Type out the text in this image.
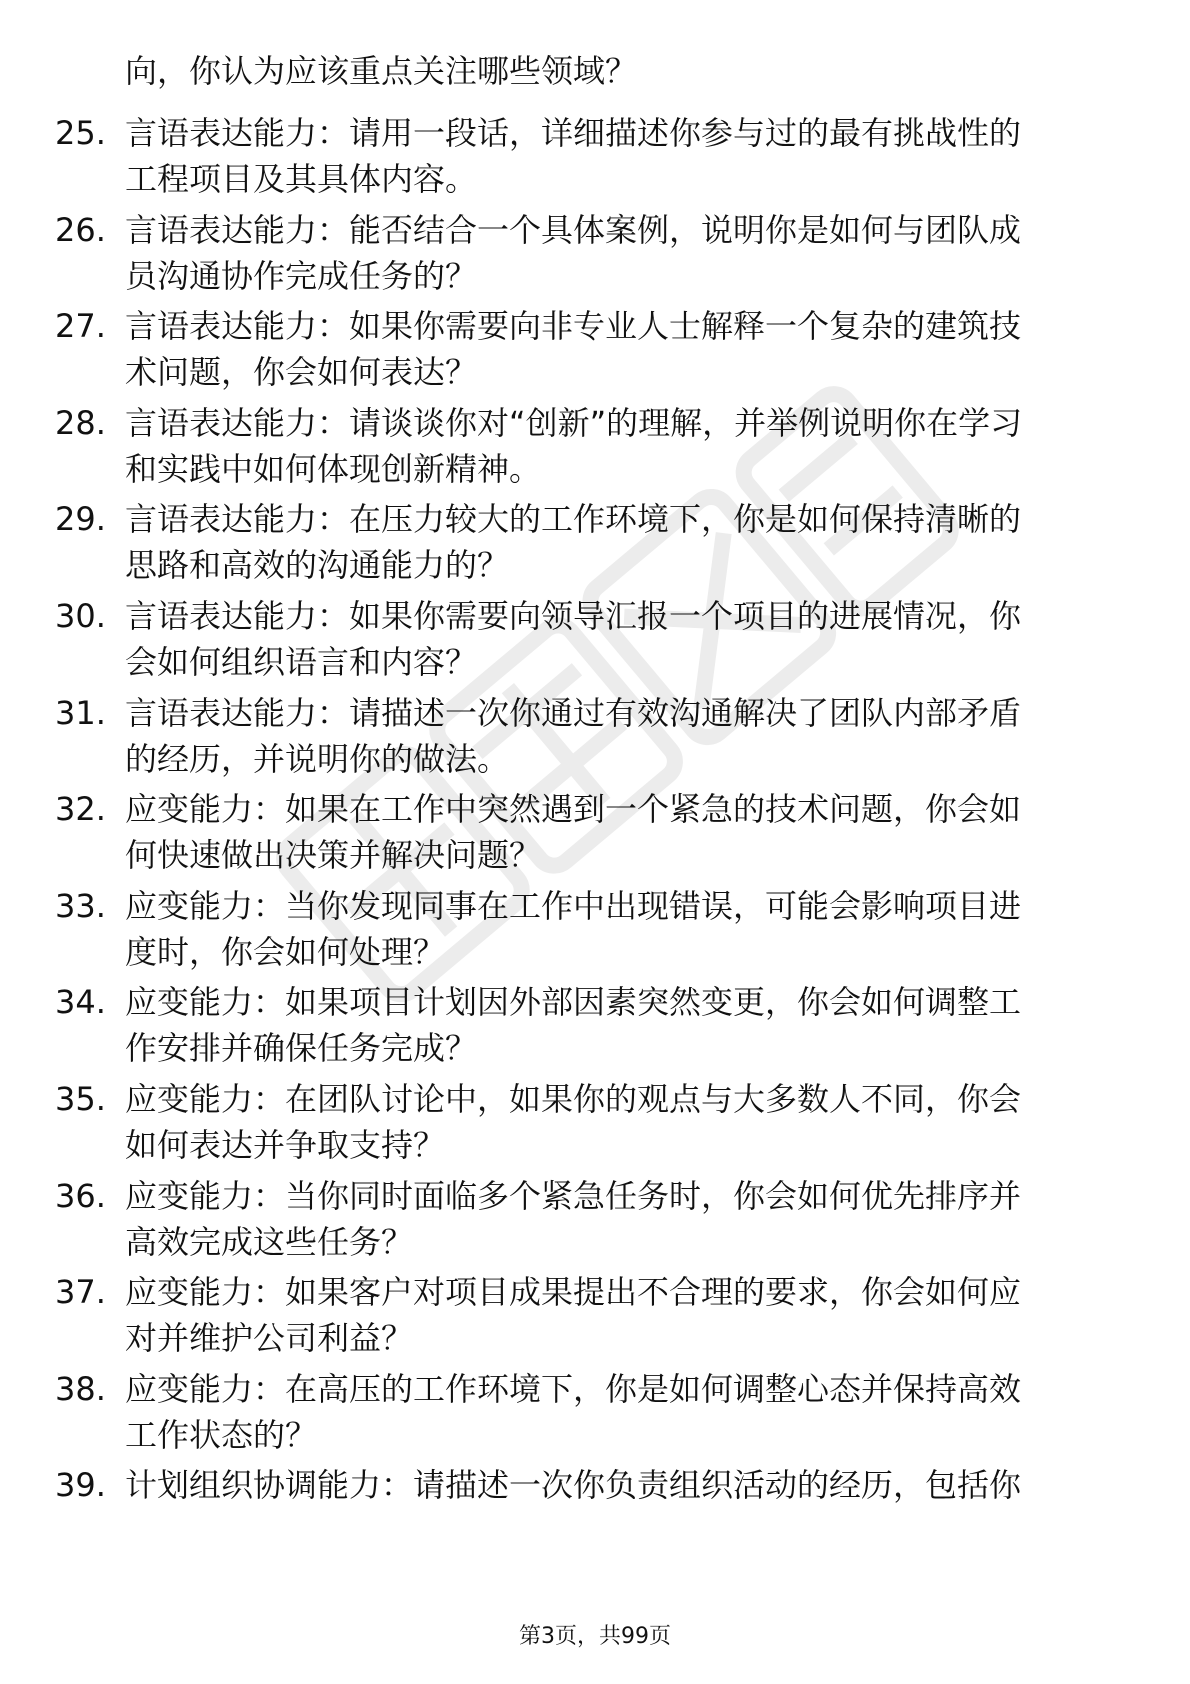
向，你认为应该重点关注哪些领域？
25. 言语表达能力：请用一段话，详细描述你参与过的最有挑战性的
工程项目及其具体内容。
26. 言语表达能力：能否结合一个具体案例，说明你是如何与团队成
员沟通协作完成任务的？
27. 言语表达能力：如果你需要向非专业人士解释一个复杂的建筑技
术问题，你会如何表达？
28. 言语表达能力：请谈谈你对“创新”的理解，并举例说明你在学习
和实践中如何体现创新精神。
29. 言语表达能力：在压力较大的工作环境下，你是如何保持清晰的
思路和高效的沟通能力的？
30. 言语表达能力：如果你需要向领导汇报一个项目的进展情况，你
会如何组织语言和内容？
31. 言语表达能力：请描述一次你通过有效沟通解决了团队内部矛盾
的经历，并说明你的做法。
32. 应变能力：如果在工作中突然遇到一个紧急的技术问题，你会如
何快速做出决策并解决问题？
33. 应变能力：当你发现同事在工作中出现错误，可能会影响项目进
度时，你会如何处理？
34. 应变能力：如果项目计划因外部因素突然变更，你会如何调整工
作安排并确保任务完成？
35. 应变能力：在团队讨论中，如果你的观点与大多数人不同，你会
如何表达并争取支持？
36. 应变能力：当你同时面临多个紧急任务时，你会如何优先排序并
高效完成这些任务？
37. 应变能力：如果客户对项目成果提出不合理的要求，你会如何应
对并维护公司利益？
38. 应变能力：在高压的工作环境下，你是如何调整心态并保持高效
工作状态的？
39. 计划组织协调能力：请描述一次你负责组织活动的经历，包括你
第3页，共99页
